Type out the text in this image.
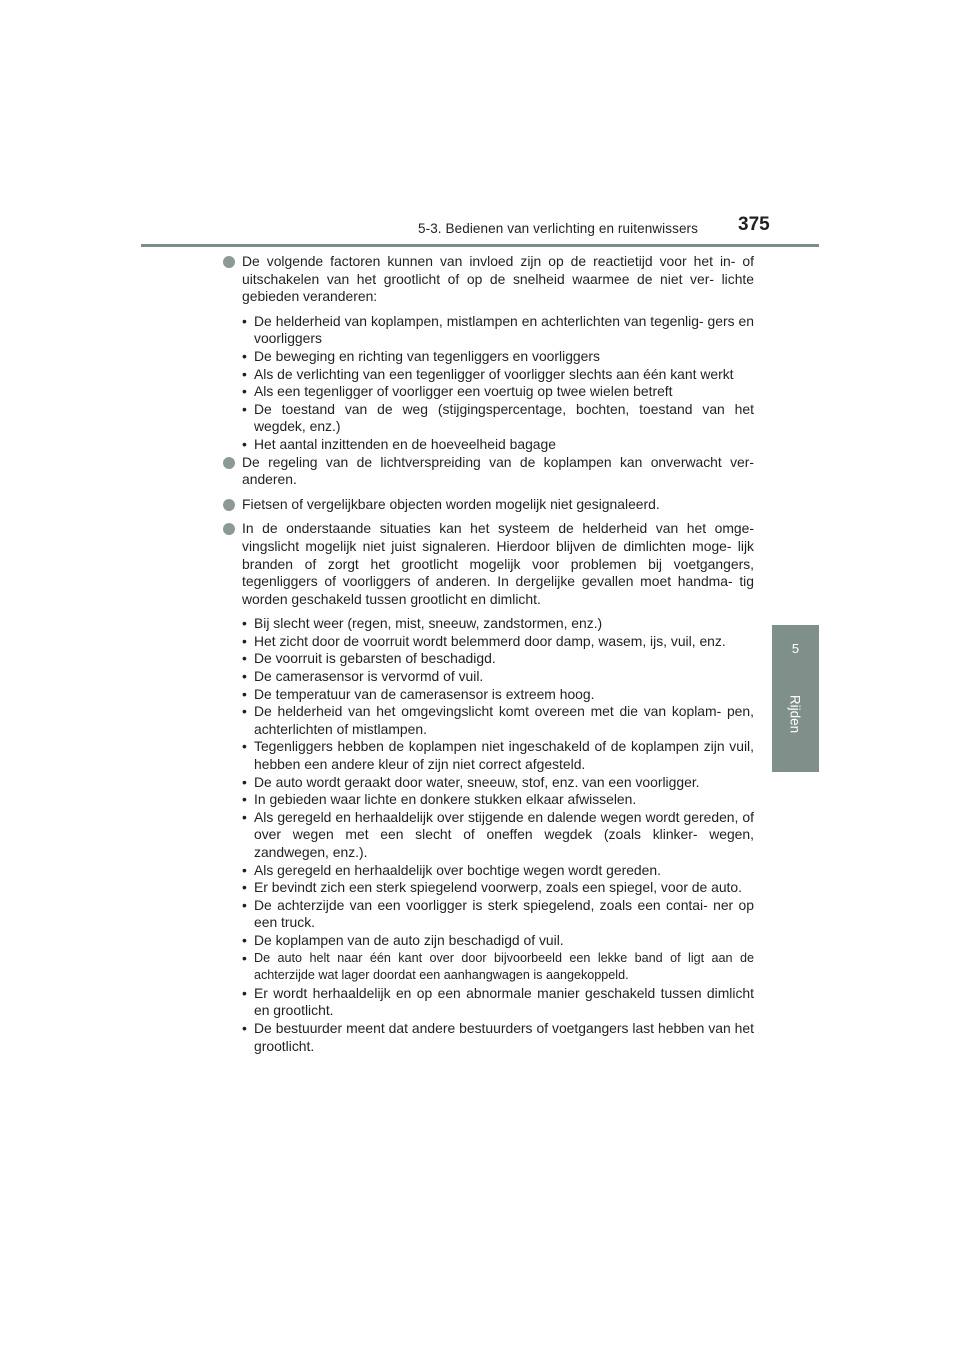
5-3. Bedienen van verlichting en ruitenwissers 375
5
Rijden
De volgende factoren kunnen van invloed zijn op de reactietijd voor het in- of uitschakelen van het grootlicht of op de snelheid waarmee de niet ver- lichte gebieden veranderen:
• De helderheid van koplampen, mistlampen en achterlichten van tegenlig- gers en voorliggers
• De beweging en richting van tegenliggers en voorliggers
• Als de verlichting van een tegenligger of voorligger slechts aan één kant werkt
• Als een tegenligger of voorligger een voertuig op twee wielen betreft
• De toestand van de weg (stijgingspercentage, bochten, toestand van het wegdek, enz.)
• Het aantal inzittenden en de hoeveelheid bagage
De regeling van de lichtverspreiding van de koplampen kan onverwacht ver- anderen.
Fietsen of vergelijkbare objecten worden mogelijk niet gesignaleerd.
In de onderstaande situaties kan het systeem de helderheid van het omge- vingslicht mogelijk niet juist signaleren. Hierdoor blijven de dimlichten moge- lijk branden of zorgt het grootlicht mogelijk voor problemen bij voetgangers, tegenliggers of voorliggers of anderen. In dergelijke gevallen moet handma- tig worden geschakeld tussen grootlicht en dimlicht.
• Bij slecht weer (regen, mist, sneeuw, zandstormen, enz.)
• Het zicht door de voorruit wordt belemmerd door damp, wasem, ijs, vuil, enz.
• De voorruit is gebarsten of beschadigd.
• De camerasensor is vervormd of vuil.
• De temperatuur van de camerasensor is extreem hoog.
• De helderheid van het omgevingslicht komt overeen met die van koplam- pen, achterlichten of mistlampen.
• Tegenliggers hebben de koplampen niet ingeschakeld of de koplampen zijn vuil, hebben een andere kleur of zijn niet correct afgesteld.
• De auto wordt geraakt door water, sneeuw, stof, enz. van een voorligger.
• In gebieden waar lichte en donkere stukken elkaar afwisselen.
• Als geregeld en herhaaldelijk over stijgende en dalende wegen wordt gereden, of over wegen met een slecht of oneffen wegdek (zoals klinker- wegen, zandwegen, enz.).
• Als geregeld en herhaaldelijk over bochtige wegen wordt gereden.
• Er bevindt zich een sterk spiegelend voorwerp, zoals een spiegel, voor de auto.
• De achterzijde van een voorligger is sterk spiegelend, zoals een contai- ner op een truck.
• De koplampen van de auto zijn beschadigd of vuil.
• De auto helt naar één kant over door bijvoorbeeld een lekke band of ligt aan de achterzijde wat lager doordat een aanhangwagen is aangekoppeld.
• Er wordt herhaaldelijk en op een abnormale manier geschakeld tussen dimlicht en grootlicht.
• De bestuurder meent dat andere bestuurders of voetgangers last hebben van het grootlicht.
